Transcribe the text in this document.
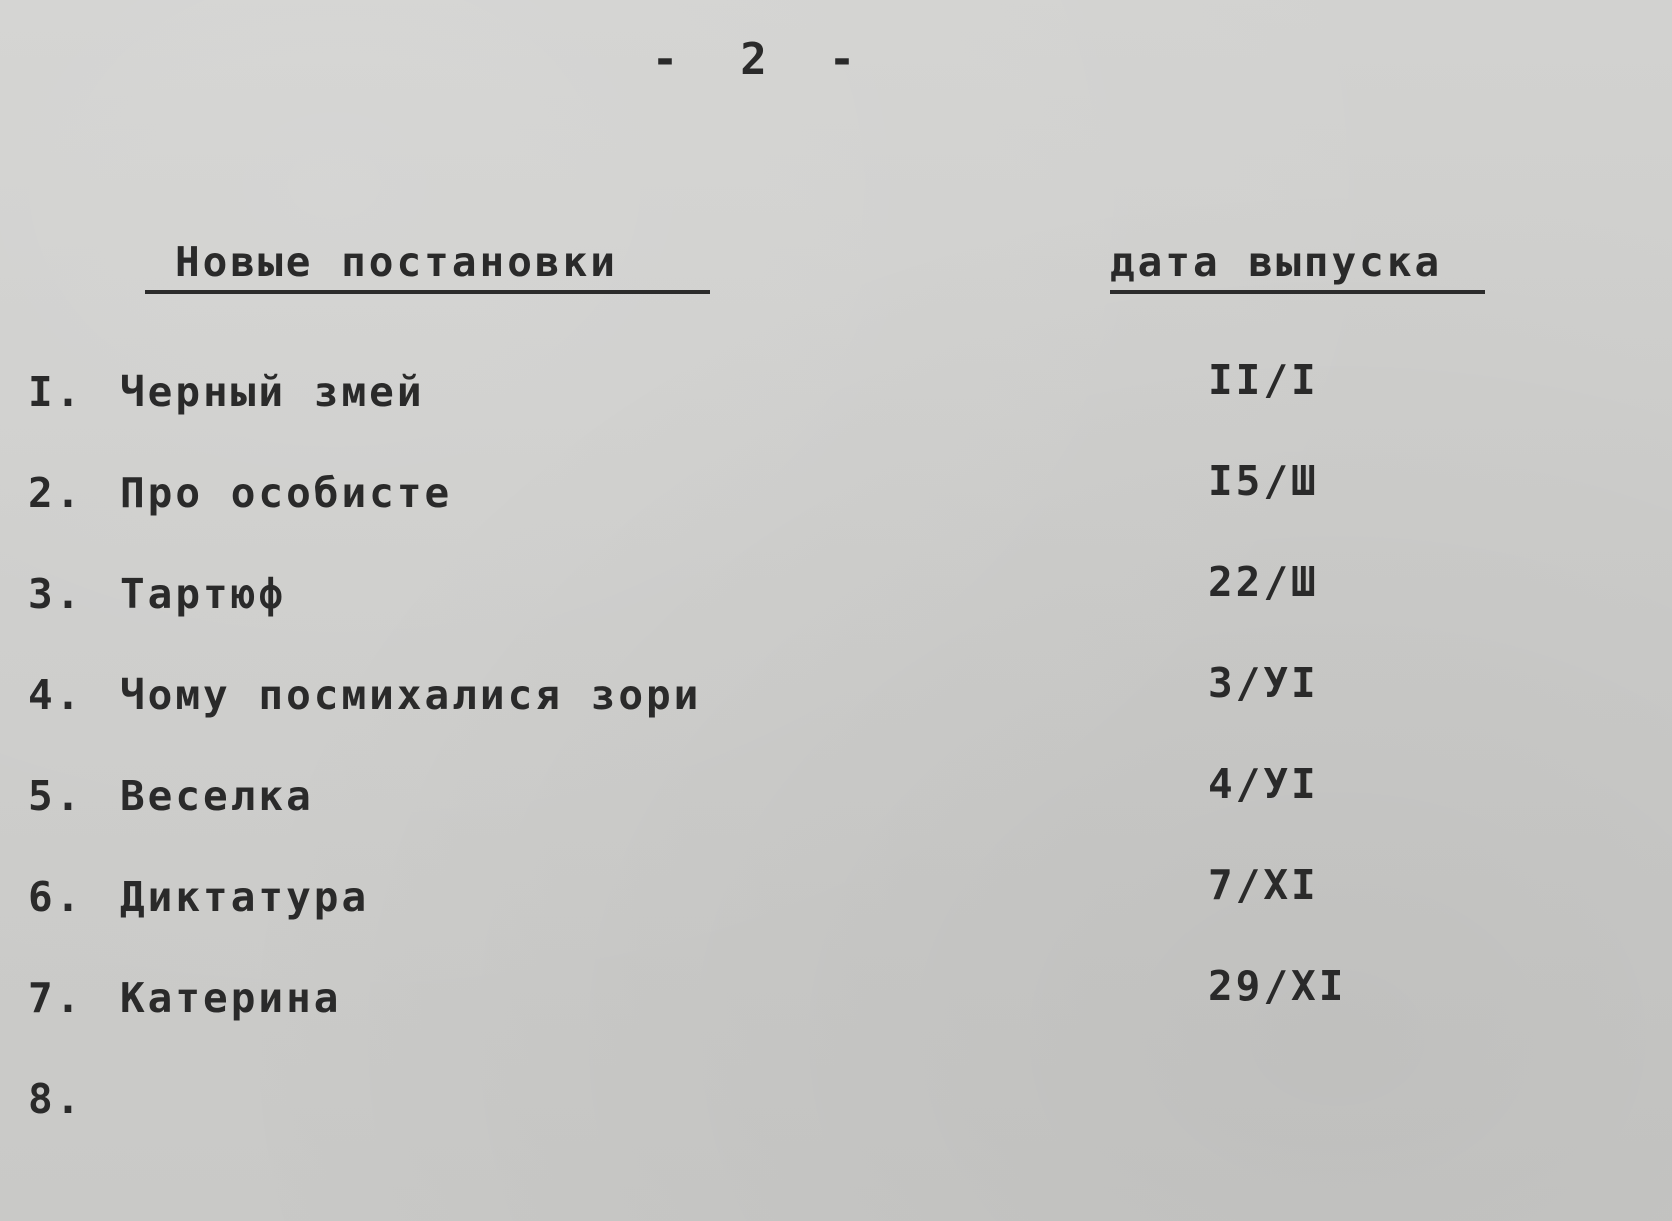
-  2  -
Новые постановки	дата выпуска
I. Черный змей	II/I
2. Про особисте	I5/Ш
3. Тартюф	22/Ш
4. Чому посмихалися зори	3/УI
5. Веселка	4/УI
6. Диктатура	7/XI
7. Катерина	29/XI
8.
